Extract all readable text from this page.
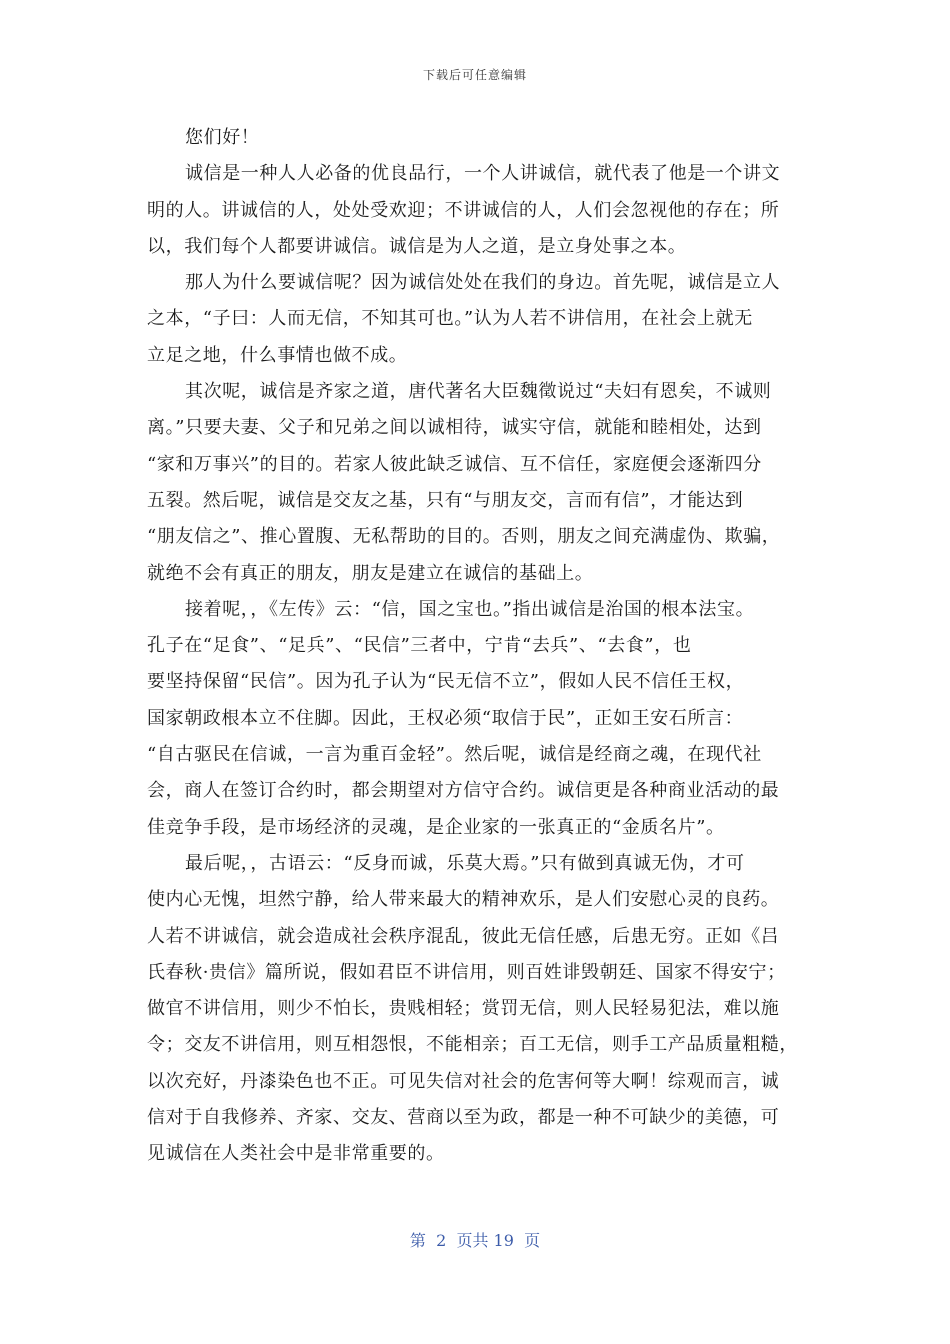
下载后可任意编辑
您们好！
诚信是一种人人必备的优良品行，一个人讲诚信，就代表了他是一个讲文
明的人。讲诚信的人，处处受欢迎；不讲诚信的人，人们会忽视他的存在；所
以，我们每个人都要讲诚信。诚信是为人之道，是立身处事之本。
那人为什么要诚信呢？因为诚信处处在我们的身边。首先呢，诚信是立人
之本，“子曰：人而无信，不知其可也。”认为人若不讲信用，在社会上就无
立足之地，什么事情也做不成。
其次呢，诚信是齐家之道，唐代著名大臣魏徵说过“夫妇有恩矣，不诚则
离。”只要夫妻、父子和兄弟之间以诚相待，诚实守信，就能和睦相处，达到
“家和万事兴”的目的。若家人彼此缺乏诚信、互不信任，家庭便会逐渐四分
五裂。然后呢，诚信是交友之基，只有“与朋友交，言而有信”，才能达到
“朋友信之”、推心置腹、无私帮助的目的。否则，朋友之间充满虚伪、欺骗，
就绝不会有真正的朋友，朋友是建立在诚信的基础上。
接着呢，，《左传》云：“信，国之宝也。”指出诚信是治国的根本法宝。
孔子在“足食”、“足兵”、“民信”三者中，宁肯“去兵”、“去食”，也
要坚持保留“民信”。因为孔子认为“民无信不立”，假如人民不信任王权，
国家朝政根本立不住脚。因此，王权必须“取信于民”，正如王安石所言：
“自古驱民在信诚，一言为重百金轻”。然后呢，诚信是经商之魂，在现代社
会，商人在签订合约时，都会期望对方信守合约。诚信更是各种商业活动的最
佳竞争手段，是市场经济的灵魂，是企业家的一张真正的“金质名片”。
最后呢，，古语云：“反身而诚，乐莫大焉。”只有做到真诚无伪，才可
使内心无愧，坦然宁静，给人带来最大的精神欢乐，是人们安慰心灵的良药。
人若不讲诚信，就会造成社会秩序混乱，彼此无信任感，后患无穷。正如《吕
氏春秋·贵信》篇所说，假如君臣不讲信用，则百姓诽毁朝廷、国家不得安宁；
做官不讲信用，则少不怕长，贵贱相轻；赏罚无信，则人民轻易犯法，难以施
令；交友不讲信用，则互相怨恨，不能相亲；百工无信，则手工产品质量粗糙，
以次充好，丹漆染色也不正。可见失信对社会的危害何等大啊！综观而言，诚
信对于自我修养、齐家、交友、营商以至为政，都是一种不可缺少的美德，可
见诚信在人类社会中是非常重要的。
第  2  页共 19  页
